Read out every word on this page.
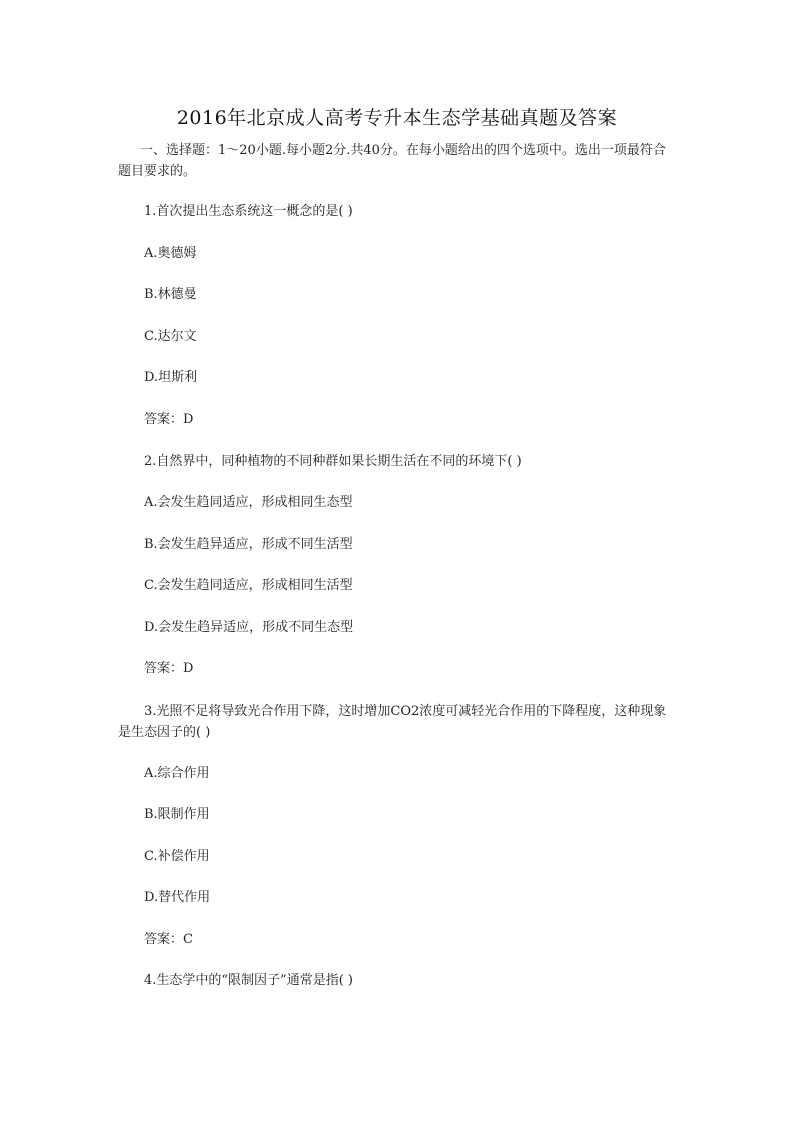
2016年北京成人高考专升本生态学基础真题及答案
一、选择题：1～20小题.每小题2分.共40分。在每小题给出的四个选项中。选出一项最符合题目要求的。
1.首次提出生态系统这一概念的是( )
A.奥德姆
B.林德曼
C.达尔文
D.坦斯利
答案：D
2.自然界中，同种植物的不同种群如果长期生活在不同的环境下( )
A.会发生趋同适应，形成相同生态型
B.会发生趋异适应，形成不同生活型
C.会发生趋同适应，形成相同生活型
D.会发生趋异适应，形成不同生态型
答案：D
3.光照不足将导致光合作用下降，这时增加CO2浓度可减轻光合作用的下降程度，这种现象是生态因子的( )
A.综合作用
B.限制作用
C.补偿作用
D.替代作用
答案：C
4.生态学中的“限制因子”通常是指( )
